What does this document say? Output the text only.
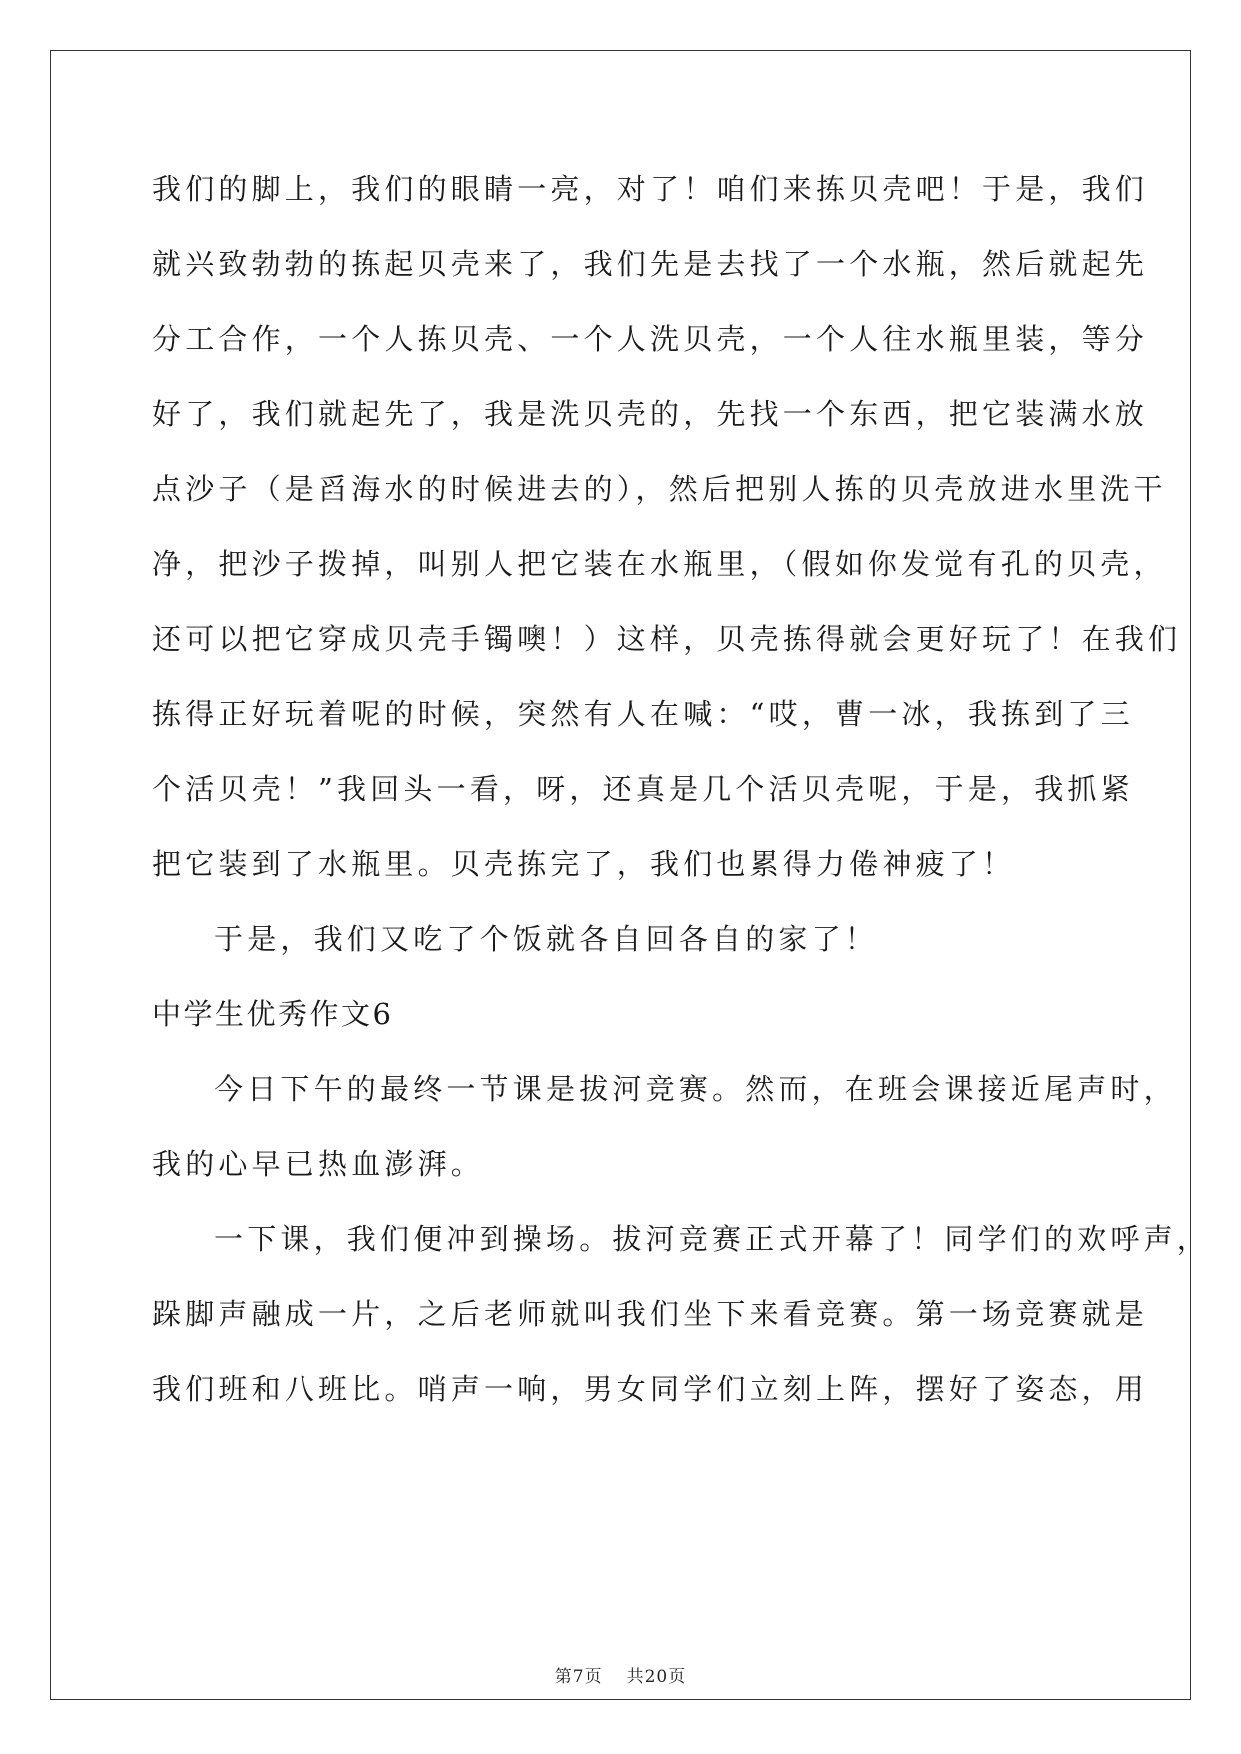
我们的脚上，我们的眼睛一亮，对了！咱们来拣贝壳吧！于是，我们

就兴致勃勃的拣起贝壳来了，我们先是去找了一个水瓶，然后就起先

分工合作，一个人拣贝壳、一个人洗贝壳，一个人往水瓶里装，等分

好了，我们就起先了，我是洗贝壳的，先找一个东西，把它装满水放

点沙子（是舀海水的时候进去的），然后把别人拣的贝壳放进水里洗干

净，把沙子拨掉，叫别人把它装在水瓶里，（假如你发觉有孔的贝壳，

还可以把它穿成贝壳手镯噢！）这样，贝壳拣得就会更好玩了！在我们

拣得正好玩着呢的时候，突然有人在喊：“哎，曹一冰，我拣到了三

个活贝壳！”我回头一看，呀，还真是几个活贝壳呢，于是，我抓紧

把它装到了水瓶里。贝壳拣完了，我们也累得力倦神疲了！

于是，我们又吃了个饭就各自回各自的家了！

中学生优秀作文6

今日下午的最终一节课是拔河竞赛。然而，在班会课接近尾声时，

我的心早已热血澎湃。

一下课，我们便冲到操场。拔河竞赛正式开幕了！同学们的欢呼声，

跺脚声融成一片，之后老师就叫我们坐下来看竞赛。第一场竞赛就是

我们班和八班比。哨声一响，男女同学们立刻上阵，摆好了姿态，用

第7页 共20页
